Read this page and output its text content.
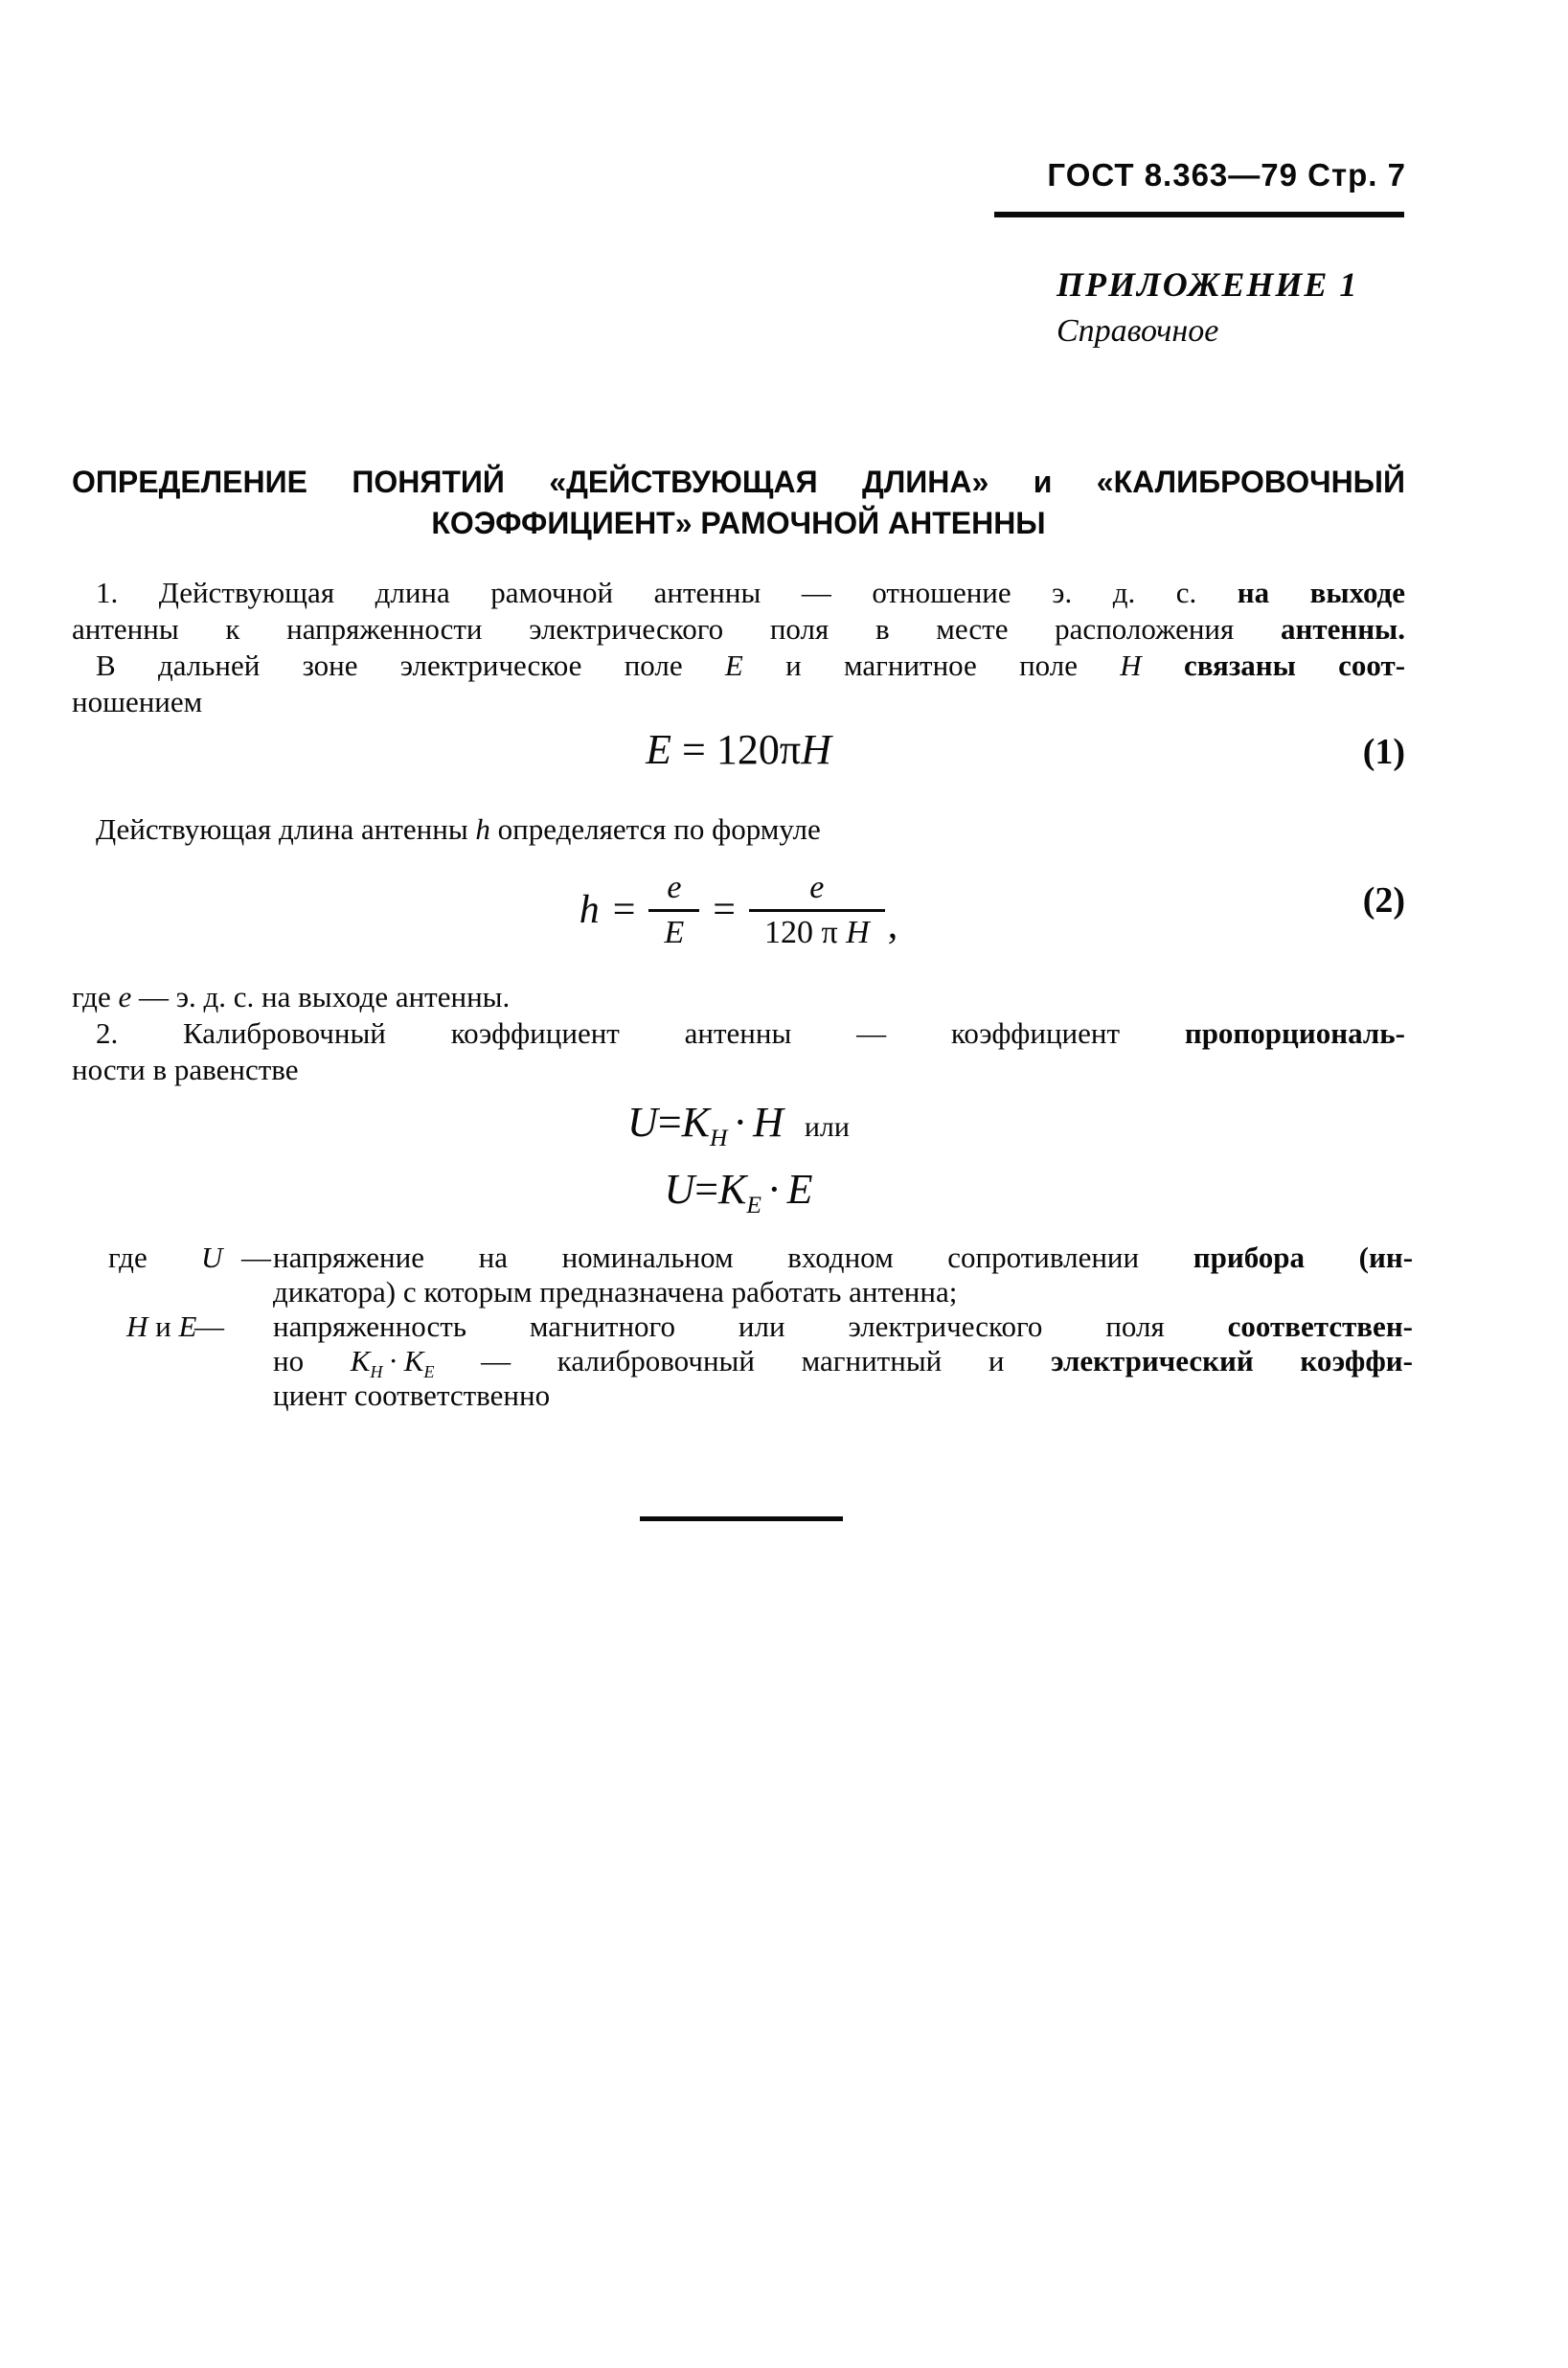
ГОСТ 8.363—79 Стр. 7
ПРИЛОЖЕНИЕ 1
Справочное
ОПРЕДЕЛЕНИЕ ПОНЯТИЙ «ДЕЙСТВУЮЩАЯ ДЛИНА» и «КАЛИБРОВОЧНЫЙ
КОЭФФИЦИЕНТ» РАМОЧНОЙ АНТЕННЫ
1. Действующая длина рамочной антенны — отношение э. д. с. на выходе
антенны к напряженности электрического поля в месте расположения антенны.
В дальней зоне электрическое поле E и магнитное поле H связаны соот-
ношением
E = 120πH	(1)
Действующая длина антенны h определяется по формуле
$h = \frac{e}{E} = \frac{e}{\text{120 π H}}$ ,
(2)
где e — э. д. с. на выходе антенны.
2. Калибровочный коэффициент антенны — коэффициент пропорциональ-
ности в равенстве
$U=K_H \cdot H$ или
$U=K_E \cdot E$
где U — напряжение на номинальном входном сопротивлении прибора (ин-
дикатора) с которым предназначена работать антенна;
H и E
— напряженность магнитного или электрического поля соответствен-
но $K_H \cdot K_E$ — калибровочный магнитный и электрический коэффи-
циент соответственно
